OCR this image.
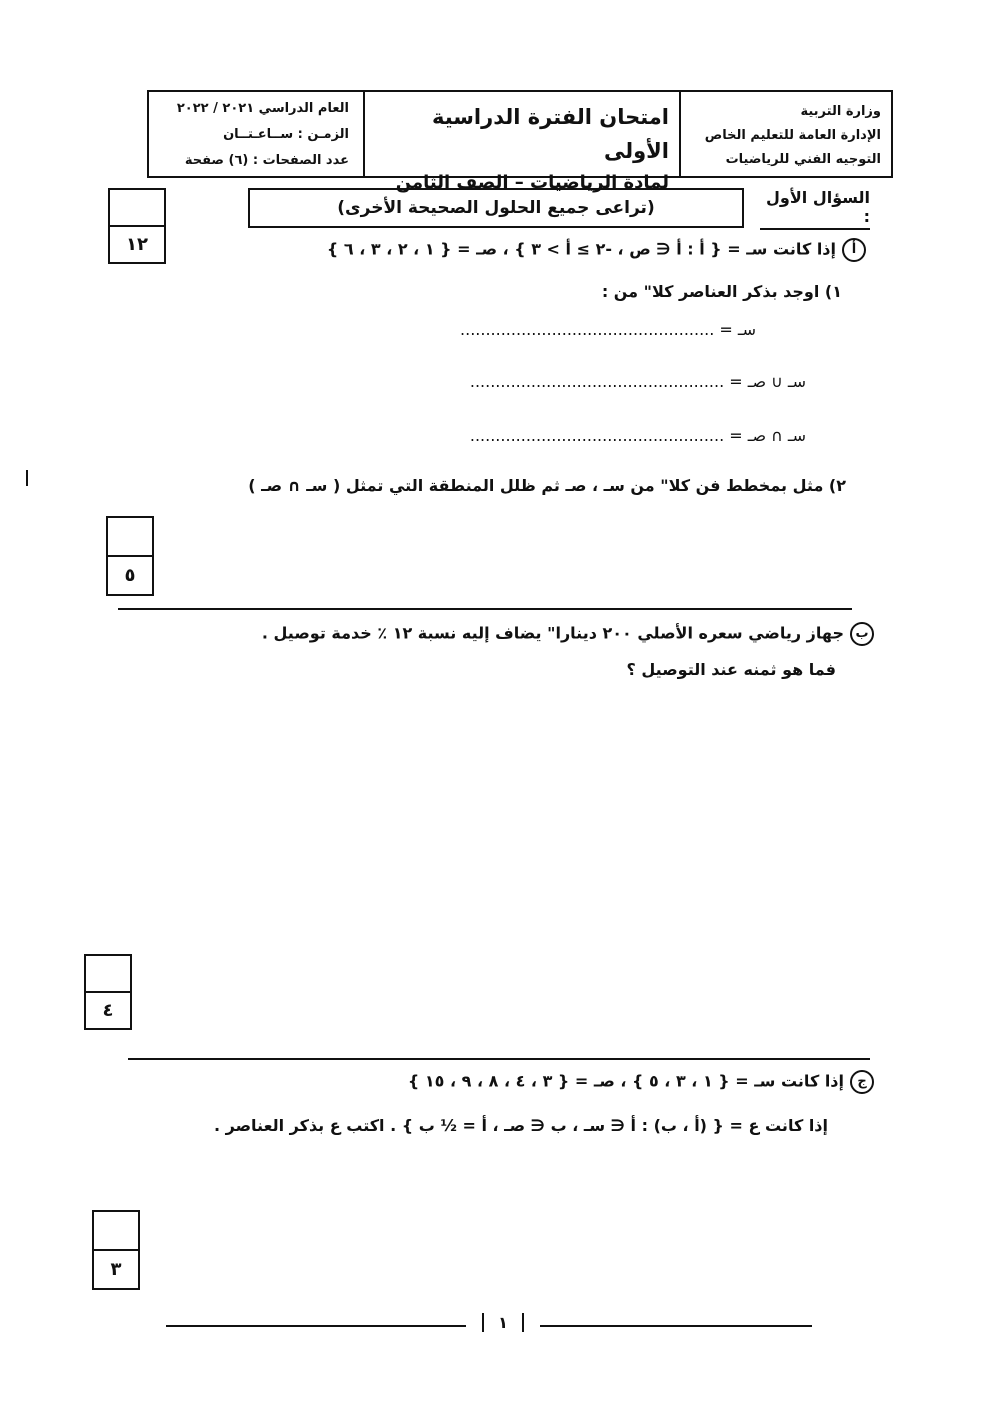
وزارة التربية
الإدارة العامة للتعليم الخاص
التوجيه الفني للرياضيات
امتحان الفترة الدراسية الأولى
لمادة الرياضيات – الصف الثامن
العام الدراسي ٢٠٢١ / ٢٠٢٢
الزمـن : ســاعـتــان
عدد الصفحات : (٦) صفحة
السؤال الأول :
(تراعى جميع الحلول الصحيحة الأخرى)
١٢	أإذا كانت سـ = { أ : أ ∈ ص ، -٢ ≥ أ > ٣ } ، صـ = { ١ ، ٢ ، ٣ ، ٦ }
١) اوجد بذكر العناصر كلا" من :
سـ = ..................................................
سـ ∪ صـ = ..................................................
سـ ∩ صـ = ..................................................
٢) مثل بمخطط فن كلا" من سـ ، صـ ثم ظلل المنطقة التي تمثل ( سـ ∩ صـ )
٥
بجهاز رياضي سعره الأصلي ٢٠٠ دينارا" يضاف إليه نسبة ١٢ ٪ خدمة توصيل .
فما هو ثمنه عند التوصيل ؟
٤
جإذا كانت سـ = { ١ ، ٣ ، ٥ } ، صـ = { ٣ ، ٤ ، ٨ ، ٩ ، ١٥ }
إذا كانت ع = { (أ ، ب) : أ ∈ سـ ، ب ∈ صـ ، أ = ½ ب } . اكتب ع بذكر العناصر .
٣
١
